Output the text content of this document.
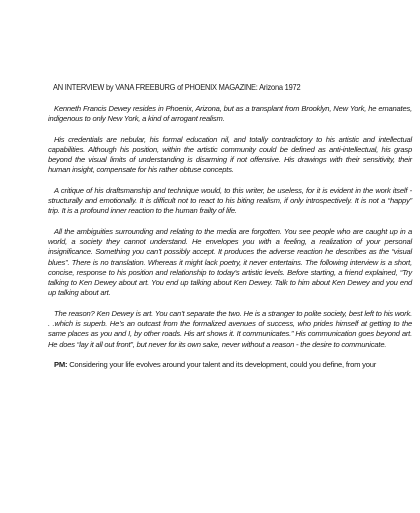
AN INTERVIEW by VANA FREEBURG of PHOENIX MAGAZINE: Arizona 1972

Kenneth Francis Dewey resides in Phoenix, Arizona, but as a transplant from Brooklyn, New York, he emanates, indigenous to only New York, a kind of arrogant realism.

His credentials are nebular, his formal education nil, and totally contradictory to his artistic and intellectual capabilities. Although his position, within the artistic community could be defined as anti-intellectual, his grasp beyond the visual limits of understanding is disarming if not offensive. His drawings with their sensitivity, their human insight, compensate for his rather obtuse concepts.

A critique of his draftsmanship and technique would, to this writer, be useless, for it is evident in the work itself - structurally and emotionally. It is difficult not to react to his biting realism, if only introspectively. It is not a “happy” trip. It is a profound inner reaction to the human frailty of life.

All the ambiguities surrounding and relating to the media are forgotten. You see people who are caught up in a world, a society they cannot understand. He envelopes you with a feeling, a realization of your personal insignificance. Something you can’t possibly accept. It produces the adverse reaction he describes as the “visual blues”. There is no translation. Whereas it might lack poetry, it never entertains. The following interview is a short, concise, response to his position and relationship to today’s artistic levels. Before starting, a friend explained, “Try talking to Ken Dewey about art. You end up talking about Ken Dewey. Talk to him about Ken Dewey and you end up talking about art.

The reason? Ken Dewey is art. You can’t separate the two. He is a stranger to polite society, best left to his work. . .which is superb. He’s an outcast from the formalized avenues of success, who prides himself at getting to the same places as you and I, by other roads. His art shows it. It communicates.” His communication goes beyond art. He does “lay it all out front”, but never for its own sake, never without a reason - the desire to communicate.

PM: Considering your life evolves around your talent and its development, could you define, from your
